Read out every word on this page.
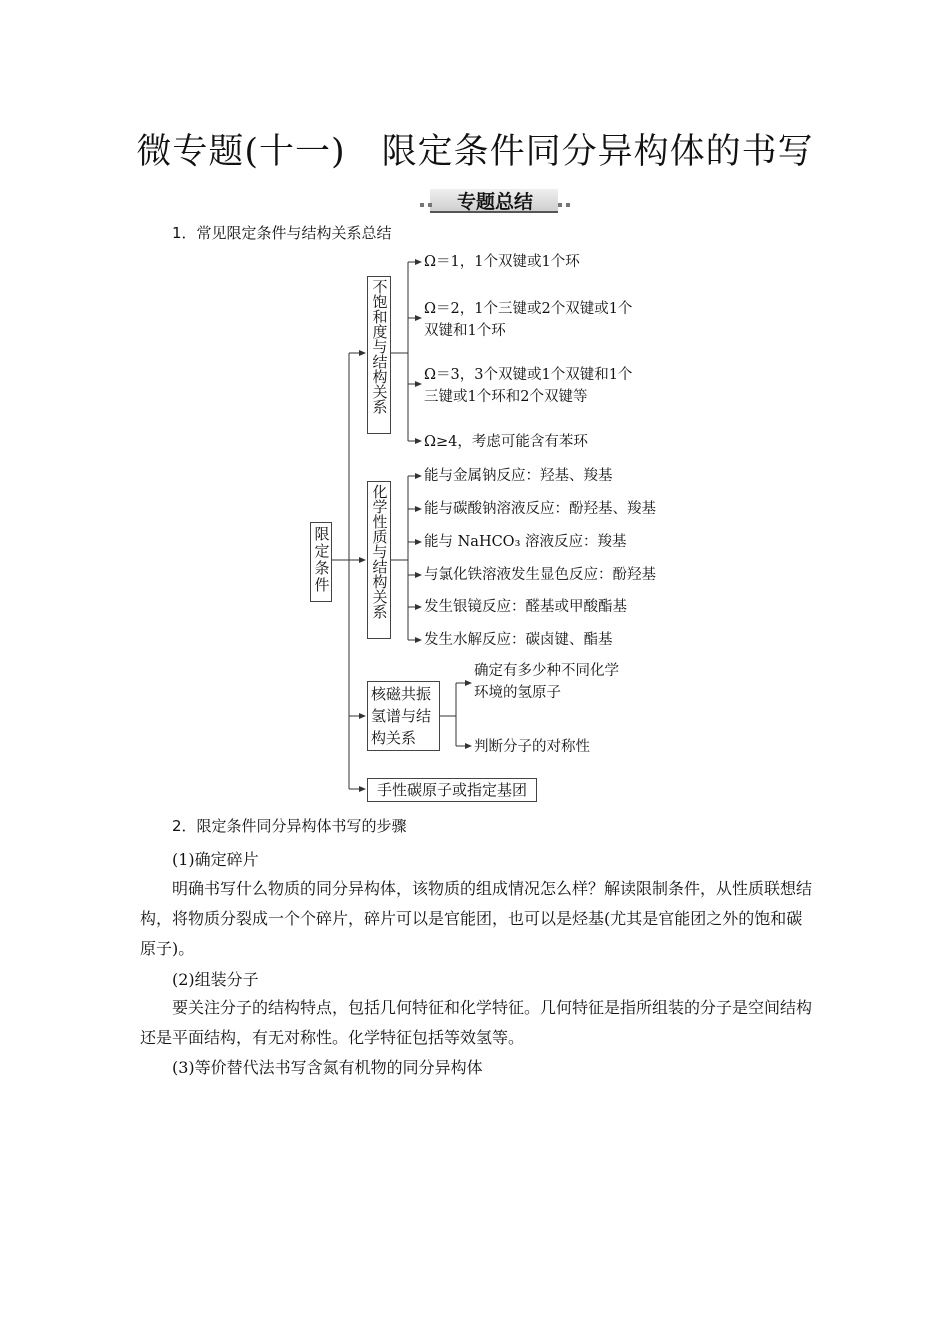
微专题(十一)　限定条件同分异构体的书写
专题总结
1．常见限定条件与结构关系总结
限定条件
不饱和度与结构关系
Ω＝1，1个双键或1个环
Ω＝2，1个三键或2个双键或1个
双键和1个环
Ω＝3，3个双键或1个双键和1个
三键或1个环和2个双键等
Ω≥4，考虑可能含有苯环
化学性质与结构关系
能与金属钠反应：羟基、羧基
能与碳酸钠溶液反应：酚羟基、羧基
能与 NaHCO₃ 溶液反应：羧基
与氯化铁溶液发生显色反应：酚羟基
发生银镜反应：醛基或甲酸酯基
发生水解反应：碳卤键、酯基
核磁共振
氢谱与结
构关系
确定有多少种不同化学
环境的氢原子
判断分子的对称性
手性碳原子或指定基团
2．限定条件同分异构体书写的步骤
(1)确定碎片
明确书写什么物质的同分异构体，该物质的组成情况怎么样？解读限制条件，从性质联想结构，将物质分裂成一个个碎片，碎片可以是官能团，也可以是烃基(尤其是官能团之外的饱和碳原子)。
(2)组装分子
要关注分子的结构特点，包括几何特征和化学特征。几何特征是指所组装的分子是空间结构还是平面结构，有无对称性。化学特征包括等效氢等。
(3)等价替代法书写含氮有机物的同分异构体
